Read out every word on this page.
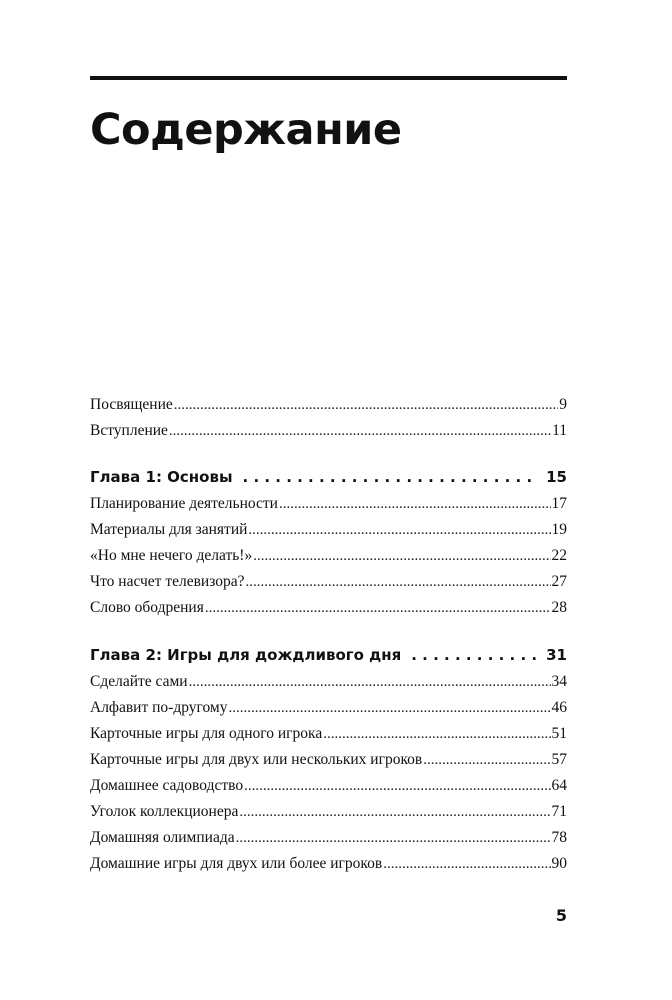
Содержание
Посвящение .....	9
Вступление .....	11
Глава 1: Основы . . .	15
Планирование деятельности .....	17
Материалы для занятий .....	19
«Но мне нечего делать!» .....	22
Что насчет телевизора? .....	27
Слово ободрения .....	28
Глава 2: Игры для дождливого дня . . .	31
Сделайте сами .....	34
Алфавит по-другому .....	46
Карточные игры для одного игрока .....	51
Карточные игры для двух или нескольких игроков .....	57
Домашнее садоводство .....	64
Уголок коллекционера .....	71
Домашняя олимпиада .....	78
Домашние игры для двух или более игроков .....	90
5
